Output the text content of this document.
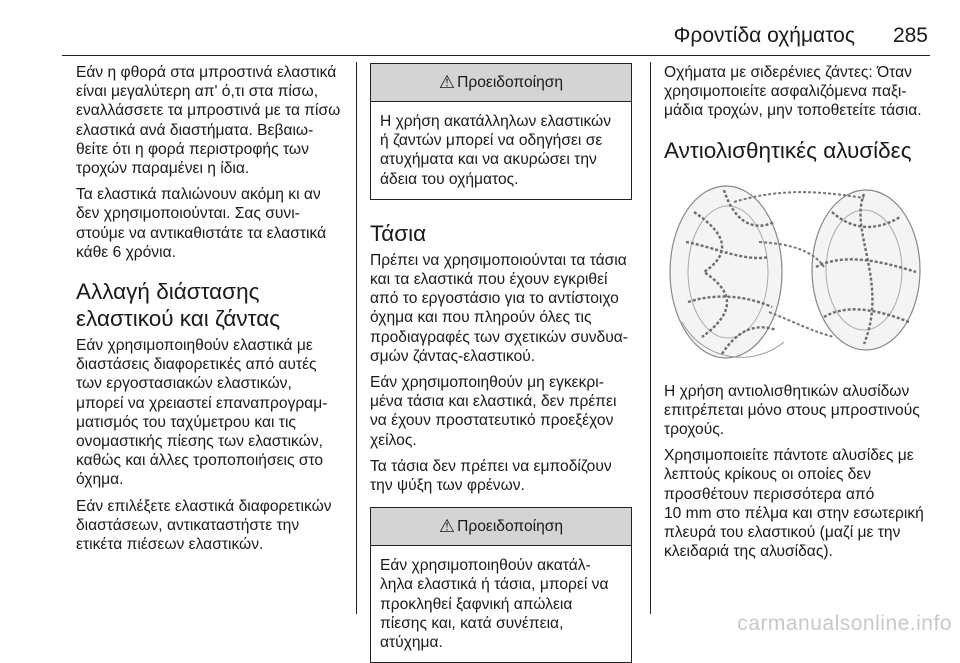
Φροντίδα οχήματος 285

Εάν η φθορά στα μπροστινά ελαστικά
είναι μεγαλύτερη απ' ό,τι στα πίσω,
εναλλάσσετε τα μπροστινά με τα πίσω
ελαστικά ανά διαστήματα. Βεβαιω‐
θείτε ότι η φορά περιστροφής των
τροχών παραμένει η ίδια.

Τα ελαστικά παλιώνουν ακόμη κι αν
δεν χρησιμοποιούνται. Σας συνι‐
στούμε να αντικαθιστάτε τα ελαστικά
κάθε 6 χρόνια.

Αλλαγή διάστασης
ελαστικού και ζάντας

Εάν χρησιμοποιηθούν ελαστικά με
διαστάσεις διαφορετικές από αυτές
των εργοστασιακών ελαστικών,
μπορεί να χρειαστεί επαναπρογραμ‐
ματισμός του ταχύμετρου και τις
ονομαστικής πίεσης των ελαστικών,
καθώς και άλλες τροποποιήσεις στο
όχημα.

Εάν επιλέξετε ελαστικά διαφορετικών
διαστάσεων, αντικαταστήστε την
ετικέτα πιέσεων ελαστικών.

⚠ Προειδοποίηση
Η χρήση ακατάλληλων ελαστικών
ή ζαντών μπορεί να οδηγήσει σε
ατυχήματα και να ακυρώσει την
άδεια του οχήματος.
Τάσια

Πρέπει να χρησιμοποιούνται τα τάσια
και τα ελαστικά που έχουν εγκριθεί
από το εργοστάσιο για το αντίστοιχο
όχημα και που πληρούν όλες τις
προδιαγραφές των σχετικών συνδυα‐
σμών ζάντας-ελαστικού.

Εάν χρησιμοποιηθούν μη εγκεκρι‐
μένα τάσια και ελαστικά, δεν πρέπει
να έχουν προστατευτικό προεξέχον
χείλος.

Τα τάσια δεν πρέπει να εμποδίζουν
την ψύξη των φρένων.

⚠ Προειδοποίηση
Εάν χρησιμοποιηθούν ακατάλ‐
ληλα ελαστικά ή τάσια, μπορεί να
προκληθεί ξαφνική απώλεια
πίεσης και, κατά συνέπεια,
ατύχημα.

Οχήματα με σιδερένιες ζάντες: Όταν
χρησιμοποιείτε ασφαλιζόμενα παξι‐
μάδια τροχών, μην τοποθετείτε τάσια.

Αντιολισθητικές αλυσίδες

Η χρήση αντιολισθητικών αλυσίδων
επιτρέπεται μόνο στους μπροστινούς
τροχούς.

Χρησιμοποιείτε πάντοτε αλυσίδες με
λεπτούς κρίκους οι οποίες δεν
προσθέτουν περισσότερα από
10 mm στο πέλμα και στην εσωτερική
πλευρά του ελαστικού (μαζί με την
κλειδαριά της αλυσίδας).

carmanualsonline.info
